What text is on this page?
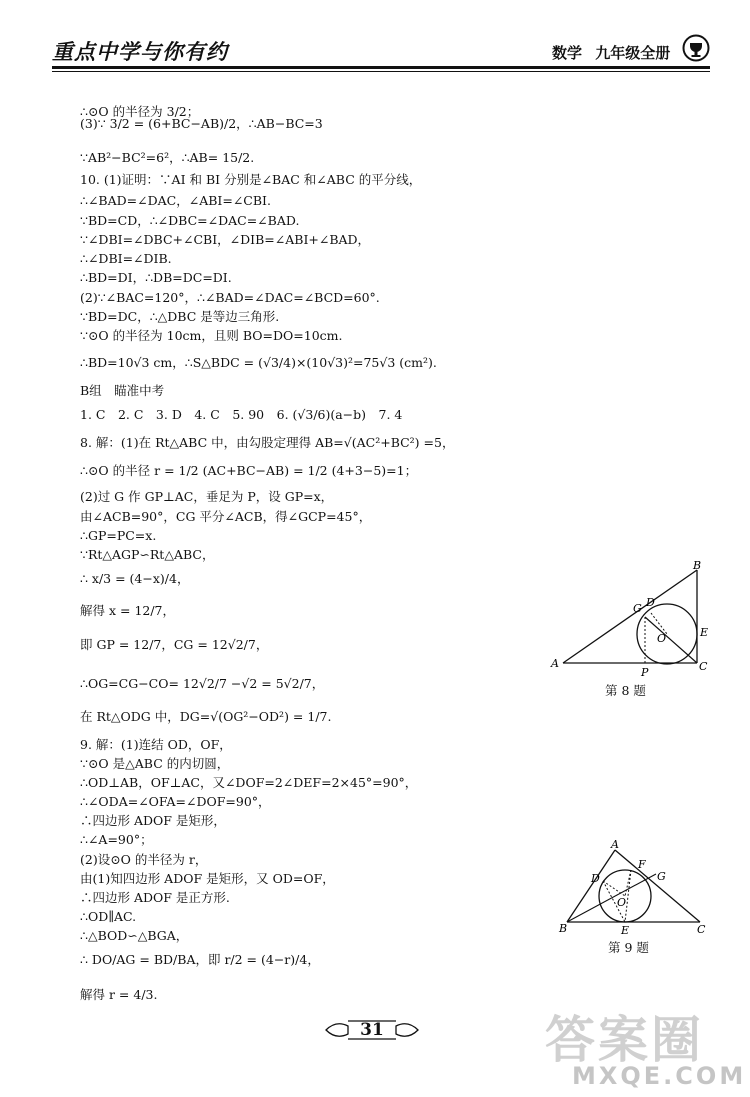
重点中学与你有约	数学 九年级全册
∴⊙O 的半径为 3/2；
(3)∵ 3/2 = (6+BC−AB)/2，∴AB−BC=3
∵AB²−BC²=6²，∴AB= 15/2.
10. (1)证明：∵AI 和 BI 分别是∠BAC 和∠ABC 的平分线，
∴∠BAD=∠DAC，∠ABI=∠CBI.
∵BD=CD，∴∠DBC=∠DAC=∠BAD.
∵∠DBI=∠DBC+∠CBI，∠DIB=∠ABI+∠BAD，
∴∠DBI=∠DIB.
∴BD=DI，∴DB=DC=DI.
(2)∵∠BAC=120°，∴∠BAD=∠DAC=∠BCD=60°.
∵BD=DC，∴△DBC 是等边三角形.
∵⊙O 的半径为 10cm，且则 BO=DO=10cm.
∴BD=10√3 cm，∴S△BDC = (√3/4)×(10√3)²=75√3 (cm²).
B组　瞄准中考
1. C　2. C　3. D　4. C　5. 90　6. (√3/6)(a−b)　7. 4
8. 解：(1)在 Rt△ABC 中，由勾股定理得 AB=√(AC²+BC²) =5，
∴⊙O 的半径 r = 1/2 (AC+BC−AB) = 1/2 (4+3−5)=1；
(2)过 G 作 GP⊥AC，垂足为 P，设 GP=x，
由∠ACB=90°，CG 平分∠ACB，得∠GCP=45°，
∴GP=PC=x.
∵Rt△AGP∽Rt△ABC，
∴ x/3 = (4−x)/4，
解得 x = 12/7，
即 GP = 12/7，CG = 12√2/7，
∴OG=CG−CO= 12√2/7 −√2 = 5√2/7，
在 Rt△ODG 中，DG=√(OG²−OD²) = 1/7.
9. 解：(1)连结 OD，OF，
∵⊙O 是△ABC 的内切圆，
∴OD⊥AB，OF⊥AC，又∠DOF=2∠DEF=2×45°=90°，
∴∠ODA=∠OFA=∠DOF=90°，
∴四边形 ADOF 是矩形，
∴∠A=90°；
(2)设⊙O 的半径为 r，
由(1)知四边形 ADOF 是矩形，又 OD=OF，
∴四边形 ADOF 是正方形.
∴OD∥AC.
∴△BOD∽△BGA，
∴ DO/AG = BD/BA，即 r/2 = (4−r)/4，
解得 r = 4/3.
A
B
C
D
E
G
O
P
第 8 题
A
B	C
D
E
F
G
O
第 9 题
31	答案圈
MXQE.COM
